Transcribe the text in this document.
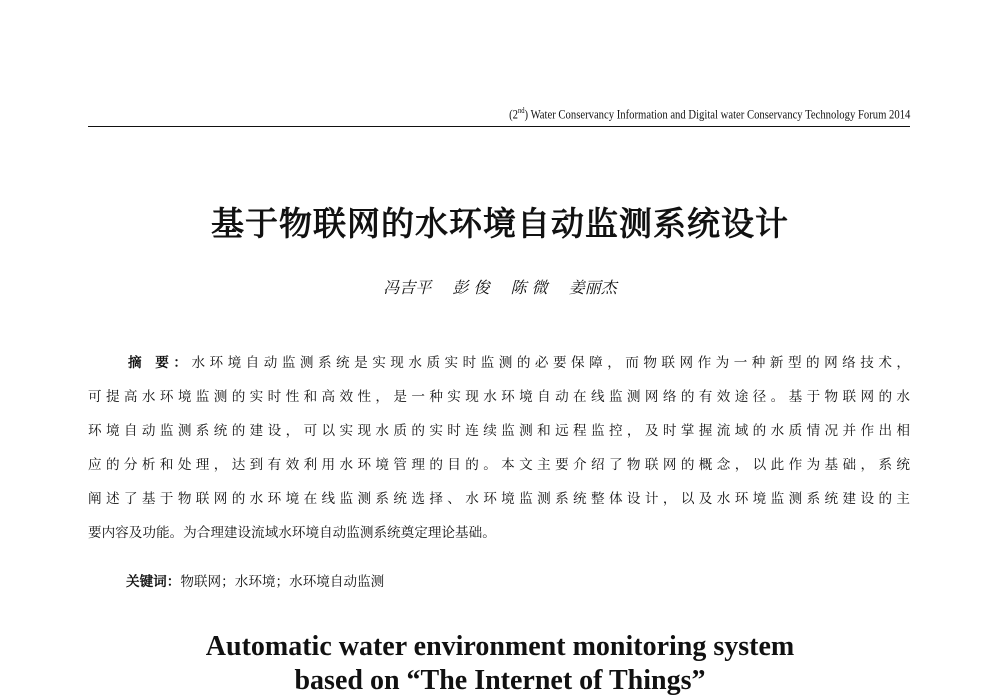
(2nd) Water Conservancy Information and Digital water Conservancy Technology Forum 2014
基于物联网的水环境自动监测系统设计
冯吉平 彭 俊 陈 微 姜丽杰
摘 要：水环境自动监测系统是实现水质实时监测的必要保障，而物联网作为一种新型的网络技术，
可提高水环境监测的实时性和高效性，是一种实现水环境自动在线监测网络的有效途径。基于物联网的水
环境自动监测系统的建设，可以实现水质的实时连续监测和远程监控，及时掌握流域的水质情况并作出相
应的分析和处理，达到有效利用水环境管理的目的。本文主要介绍了物联网的概念，以此作为基础，系统
阐述了基于物联网的水环境在线监测系统选择、水环境监测系统整体设计，以及水环境监测系统建设的主
要内容及功能。为合理建设流域水环境自动监测系统奠定理论基础。
关键词：物联网；水环境；水环境自动监测
Automatic water environment monitoring system
based on “The Internet of Things”
